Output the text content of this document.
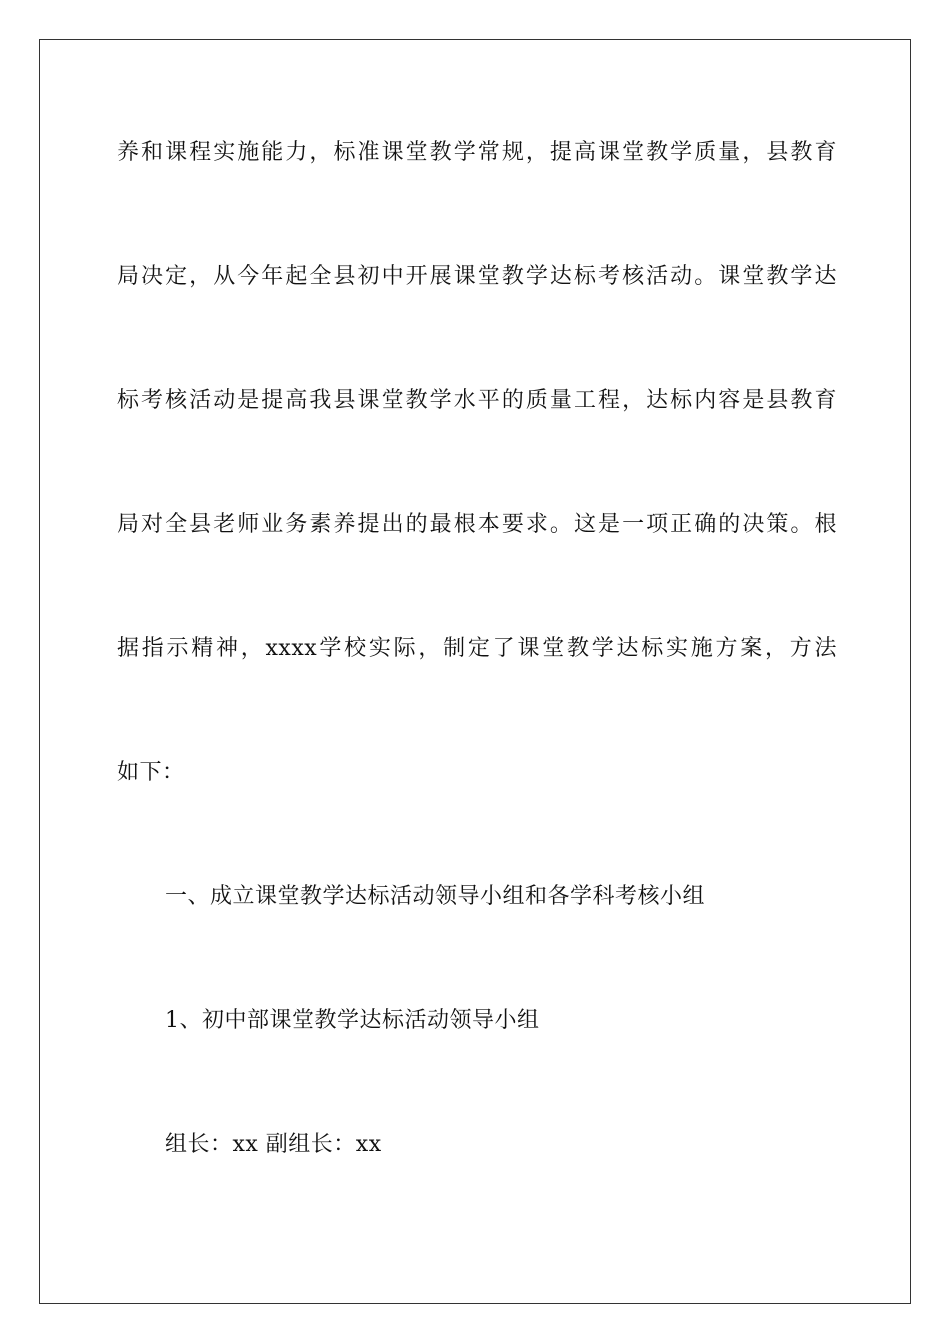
养和课程实施能力，标准课堂教学常规，提高课堂教学质量，县教育
局决定，从今年起全县初中开展课堂教学达标考核活动。课堂教学达
标考核活动是提高我县课堂教学水平的质量工程，达标内容是县教育
局对全县老师业务素养提出的最根本要求。这是一项正确的决策。根
据指示精神，xxxx学校实际，制定了课堂教学达标实施方案，方法
如下：
一、成立课堂教学达标活动领导小组和各学科考核小组
1、初中部课堂教学达标活动领导小组
组长：xx 副组长：xx
